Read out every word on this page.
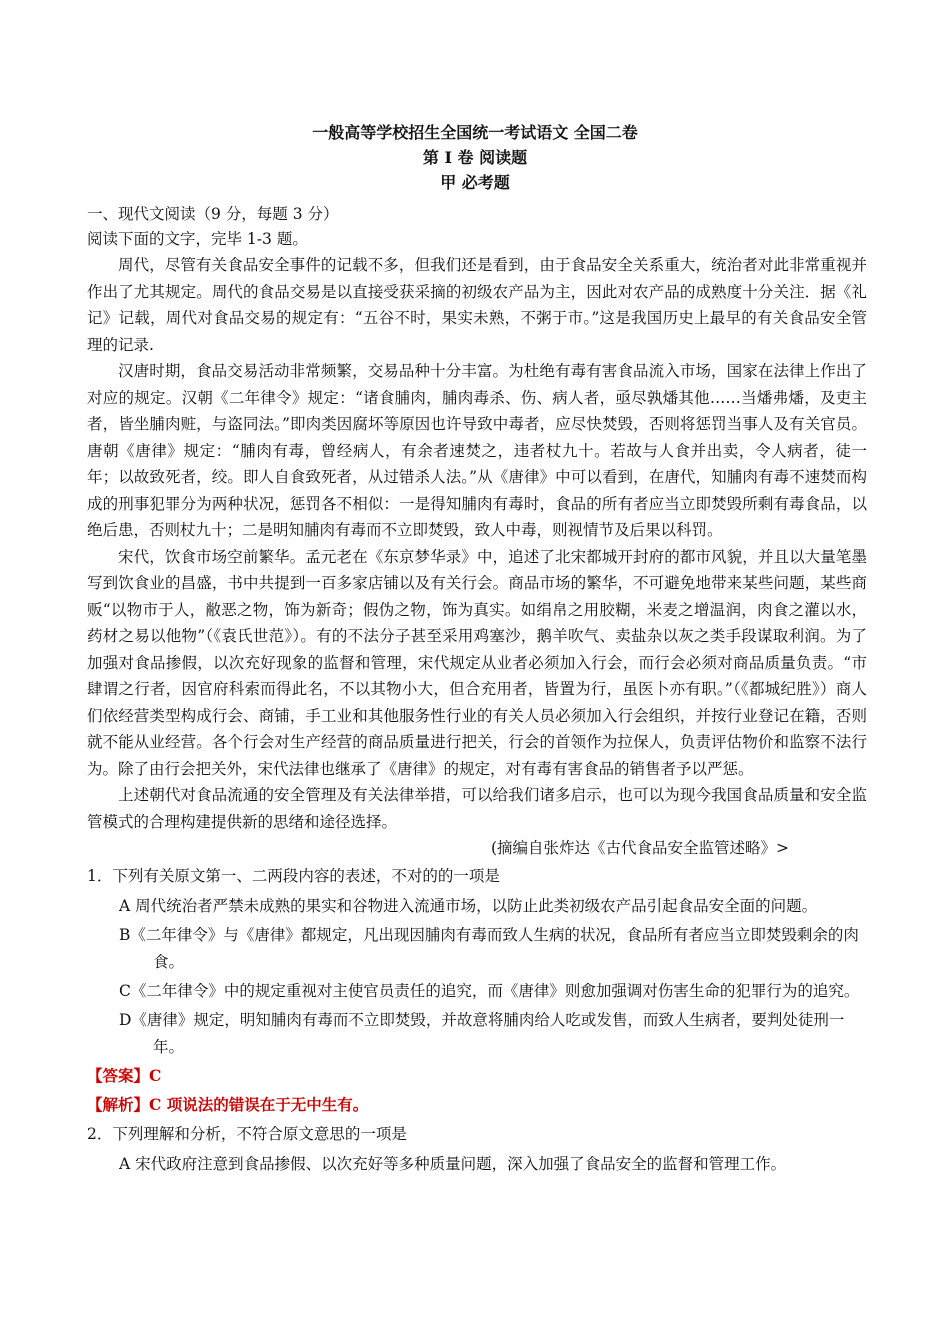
一般高等学校招生全国统一考试语文 全国二卷
第 I 卷 阅读题
甲 必考题
一、现代文阅读（9 分，每题 3 分）
阅读下面的文字，完毕 1-3 题。

周代，尽管有关食品安全事件的记载不多，但我们还是看到，由于食品安全关系重大，统治者对此非常重视并作出了尤其规定。周代的食品交易是以直接受获采摘的初级农产品为主，因此对农产品的成熟度十分关注．据《礼记》记载，周代对食品交易的规定有：“五谷不时，果实未熟，不粥于市。”这是我国历史上最早的有关食品安全管理的记录.

汉唐时期，食品交易活动非常频繁，交易品种十分丰富。为杜绝有毒有害食品流入市场，国家在法律上作出了对应的规定。汉朝《二年律令》规定：“诸食脯肉，脯肉毒杀、伤、病人者，亟尽孰燔其他……当燔弗燔，及吏主者，皆坐脯肉赃，与盗同法。”即肉类因腐坏等原因也许导致中毒者，应尽快焚毁，否则将惩罚当事人及有关官员。唐朝《唐律》规定：“脯肉有毒，曾经病人，有余者速焚之，违者杖九十。若故与人食并出卖，令人病者，徒一年；以故致死者，绞。即人自食致死者，从过错杀人法。”从《唐律》中可以看到，在唐代，知脯肉有毒不速焚而构成的刑事犯罪分为两种状况，惩罚各不相似：一是得知脯肉有毒时，食品的所有者应当立即焚毁所剩有毒食品，以绝后患，否则杖九十；二是明知脯肉有毒而不立即焚毁，致人中毒，则视情节及后果以科罚。

宋代，饮食市场空前繁华。孟元老在《东京梦华录》中，追述了北宋都城开封府的都市风貌，并且以大量笔墨写到饮食业的昌盛，书中共提到一百多家店铺以及有关行会。商品市场的繁华，不可避免地带来某些问题，某些商贩“以物市于人，敝恶之物，饰为新奇；假伪之物，饰为真实。如绢帛之用胶糊，米麦之增温润，肉食之灌以水，药材之易以他物”（《袁氏世范》）。有的不法分子甚至采用鸡塞沙，鹅羊吹气、卖盐杂以灰之类手段谋取利润。为了加强对食品掺假，以次充好现象的监督和管理，宋代规定从业者必须加入行会，而行会必须对商品质量负责。“市肆谓之行者，因官府科索而得此名，不以其物小大，但合充用者，皆置为行，虽医卜亦有职。”（《都城纪胜》）商人们依经营类型构成行会、商铺，手工业和其他服务性行业的有关人员必须加入行会组织，并按行业登记在籍，否则就不能从业经营。各个行会对生产经营的商品质量进行把关，行会的首领作为拉保人，负责评估物价和监察不法行为。除了由行会把关外，宋代法律也继承了《唐律》的规定，对有毒有害食品的销售者予以严惩。

上述朝代对食品流通的安全管理及有关法律举措，可以给我们诸多启示，也可以为现今我国食品质量和安全监管模式的合理构建提供新的思绪和途径选择。

(摘编自张炸达《古代食品安全监管述略》>
1．下列有关原文第一、二两段内容的表述，不对的的一项是
A 周代统治者严禁未成熟的果实和谷物进入流通市场，以防止此类初级农产品引起食品安全面的问题。
B《二年律令》与《唐律》都规定，凡出现因脯肉有毒而致人生病的状况，食品所有者应当立即焚毁剩余的肉食。
C《二年律令》中的规定重视对主使官员责任的追究，而《唐律》则愈加强调对伤害生命的犯罪行为的追究。
D《唐律》规定，明知脯肉有毒而不立即焚毁，并故意将脯肉给人吃或发售，而致人生病者，要判处徒刑一年。
【答案】C
【解析】C 项说法的错误在于无中生有。
2．下列理解和分析，不符合原文意思的一项是
A 宋代政府注意到食品掺假、以次充好等多种质量问题，深入加强了食品安全的监督和管理工作。
